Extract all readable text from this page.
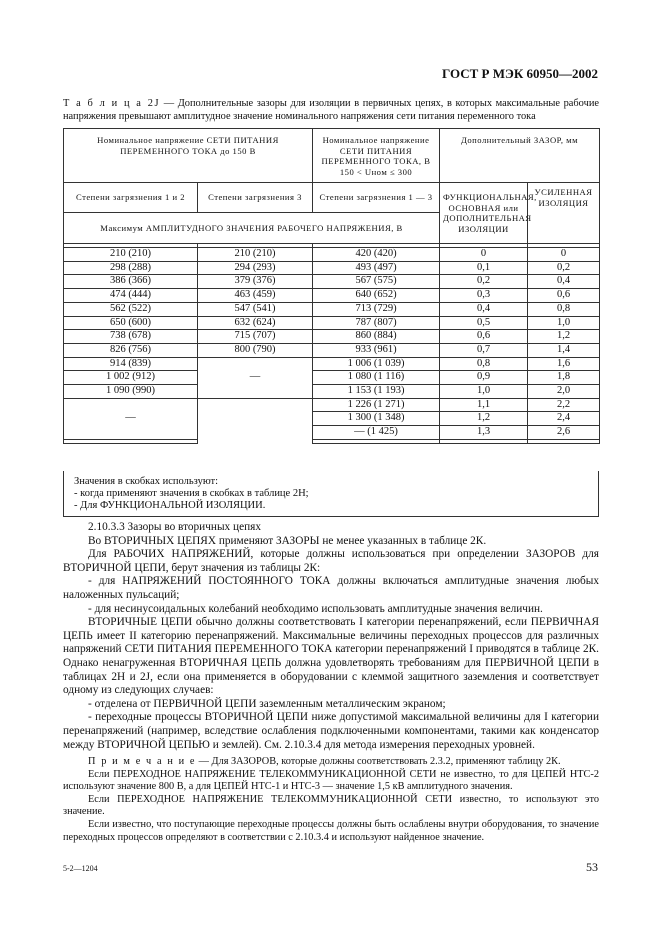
ГОСТ Р МЭК 60950—2002
Т а б л и ц а 2J — Дополнительные зазоры для изоляции в первичных цепях, в которых максимальные рабочие напряжения превышают амплитудное значение номинального напряжения сети питания переменного тока
Номинальное напряжение СЕТИ ПИТАНИЯ ПЕРЕМЕННОГО ТОКА до 150 В		Номинальное напряжение СЕТИ ПИТАНИЯ ПЕРЕМЕННОГО ТОКА, В
150 < Uном ≤ 300	Дополнительный ЗАЗОР, мм	
Степени загрязнения 1 и 2	Степени загрязнения 3	Степени загрязнения 1 — 3	ФУНКЦИОНАЛЬНАЯ, ОСНОВНАЯ или ДОПОЛНИТЕЛЬНАЯ ИЗОЛЯЦИИ	УСИЛЕННАЯ ИЗОЛЯЦИЯ
Максимум АМПЛИТУДНОГО ЗНАЧЕНИЯ РАБОЧЕГО НАПРЯЖЕНИЯ, В				

210 (210)	210 (210)	420 (420)	0	0
298 (288)	294 (293)	493 (497)	0,1	0,2
386 (366)	379 (376)	567 (575)	0,2	0,4
474 (444)	463 (459)	640 (652)	0,3	0,6
562 (522)	547 (541)	713 (729)	0,4	0,8
650 (600)	632 (624)	787 (807)	0,5	1,0
738 (678)	715 (707)	860 (884)	0,6	1,2
826 (756)	800 (790)	933 (961)	0,7	1,4
914 (839)	—	1 006 (1 039)	0,8	1,6
1 002 (912)		1 080 (1 116)	0,9	1,8
1 090 (990)		1 153 (1 193)	1,0	2,0
—		1 226 (1 271)	1,1	2,2
		1 300 (1 348)	1,2	2,4
		— (1 425)	1,3	2,6

Значения в скобках используют:
- когда применяют значения в скобках в таблице 2Н;
- Для ФУНКЦИОНАЛЬНОЙ ИЗОЛЯЦИИ.

2.10.3.3 Зазоры во вторичных цепях

Во ВТОРИЧНЫХ ЦЕПЯХ применяют ЗАЗОРЫ не менее указанных в таблице 2К.

Для РАБОЧИХ НАПРЯЖЕНИЙ, которые должны использоваться при определении ЗАЗОРОВ для ВТОРИЧНОЙ ЦЕПИ, берут значения из таблицы 2К:

- для НАПРЯЖЕНИЙ ПОСТОЯННОГО ТОКА должны включаться амплитудные значения любых наложенных пульсаций;

- для несинусоидальных колебаний необходимо использовать амплитудные значения величин.

ВТОРИЧНЫЕ ЦЕПИ обычно должны соответствовать I категории перенапряжений, если ПЕРВИЧНАЯ ЦЕПЬ имеет II категорию перенапряжений. Максимальные величины переходных процессов для различных напряжений СЕТИ ПИТАНИЯ ПЕРЕМЕННОГО ТОКА категории перенапряжений I приводятся в таблице 2К. Однако ненагруженная ВТОРИЧНАЯ ЦЕПЬ должна удовлетворять требованиям для ПЕРВИЧНОЙ ЦЕПИ в таблицах 2Н и 2J, если она применяется в оборудовании с клеммой защитного заземления и соответствует одному из следующих случаев:

- отделена от ПЕРВИЧНОЙ ЦЕПИ заземленным металлическим экраном;

- переходные процессы ВТОРИЧНОЙ ЦЕПИ ниже допустимой максимальной величины для I категории перенапряжений (например, вследствие ослабления подключенными компонентами, такими как конденсатор между ВТОРИЧНОЙ ЦЕПЬЮ и землей). См. 2.10.3.4 для метода измерения переходных уровней.

П р и м е ч а н и е — Для ЗАЗОРОВ, которые должны соответствовать 2.3.2, применяют таблицу 2К.

Если ПЕРЕХОДНОЕ НАПРЯЖЕНИЕ ТЕЛЕКОММУНИКАЦИОННОЙ СЕТИ не известно, то для ЦЕПЕЙ НТС-2 используют значение 800 В, а для ЦЕПЕЙ НТС-1 и НТС-3 — значение 1,5 кВ амплитудного значения.

Если ПЕРЕХОДНОЕ НАПРЯЖЕНИЕ ТЕЛЕКОММУНИКАЦИОННОЙ СЕТИ известно, то используют это значение.

Если известно, что поступающие переходные процессы должны быть ослаблены внутри оборудования, то значение переходных процессов определяют в соответствии с 2.10.3.4 и используют найденное значение.

5-2—1204	53
